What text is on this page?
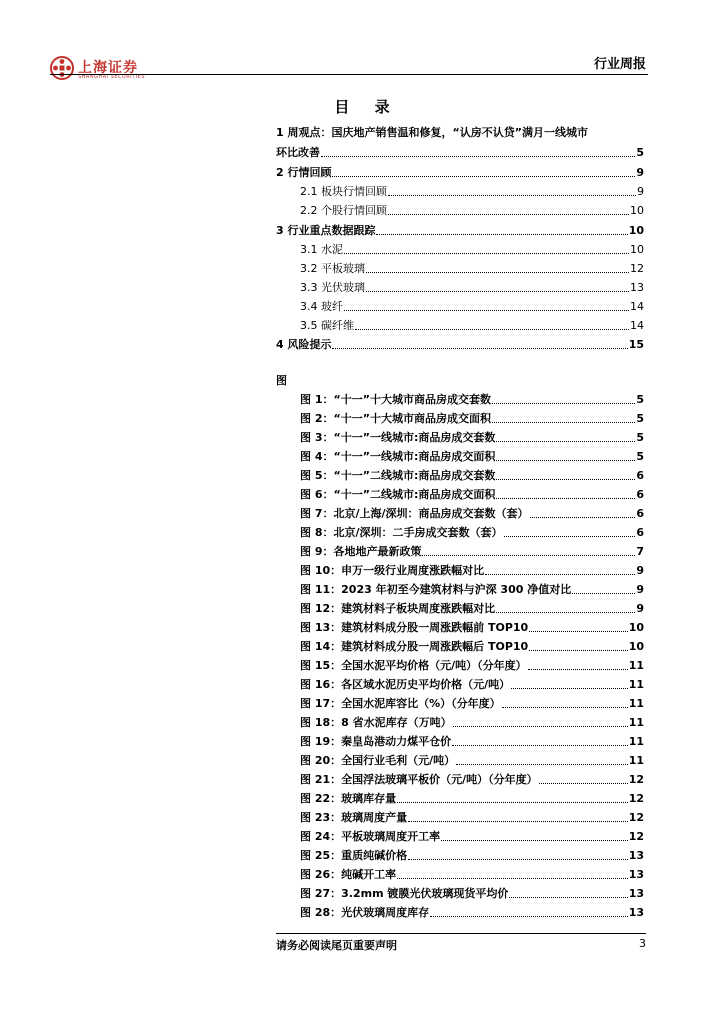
上海证券
SHANGHAI SECURITIES
行业周报
目 录
1 周观点：国庆地产销售温和修复，“认房不认贷”满月一线城市
环比改善	5
2 行情回顾	9
2.1 板块行情回顾	9
2.2 个股行情回顾	10
3 行业重点数据跟踪	10
3.1 水泥	10
3.2 平板玻璃	12
3.3 光伏玻璃	13
3.4 玻纤	14
3.5 碳纤维	14
4 风险提示	15
图
图 1：“十一”十大城市商品房成交套数	5
图 2：“十一”十大城市商品房成交面积	5
图 3：“十一”一线城市:商品房成交套数	5
图 4：“十一”一线城市:商品房成交面积	5
图 5：“十一”二线城市:商品房成交套数	6
图 6：“十一”二线城市:商品房成交面积	6
图 7：北京/上海/深圳：商品房成交套数（套）	6
图 8：北京/深圳：二手房成交套数（套）	6
图 9：各地地产最新政策	7
图 10：申万一级行业周度涨跌幅对比	9
图 11：2023 年初至今建筑材料与沪深 300 净值对比	9
图 12：建筑材料子板块周度涨跌幅对比	9
图 13：建筑材料成分股一周涨跌幅前 TOP10	10
图 14：建筑材料成分股一周涨跌幅后 TOP10	10
图 15：全国水泥平均价格（元/吨）（分年度）	11
图 16：各区域水泥历史平均价格（元/吨）	11
图 17：全国水泥库容比（%）（分年度）	11
图 18：8 省水泥库存（万吨）	11
图 19：秦皇岛港动力煤平仓价	11
图 20：全国行业毛利（元/吨）	11
图 21：全国浮法玻璃平板价（元/吨）（分年度）	12
图 22：玻璃库存量	12
图 23：玻璃周度产量	12
图 24：平板玻璃周度开工率	12
图 25：重质纯碱价格	13
图 26：纯碱开工率	13
图 27：3.2mm 镀膜光伏玻璃现货平均价	13
图 28：光伏玻璃周度库存	13
请务必阅读尾页重要声明	3
